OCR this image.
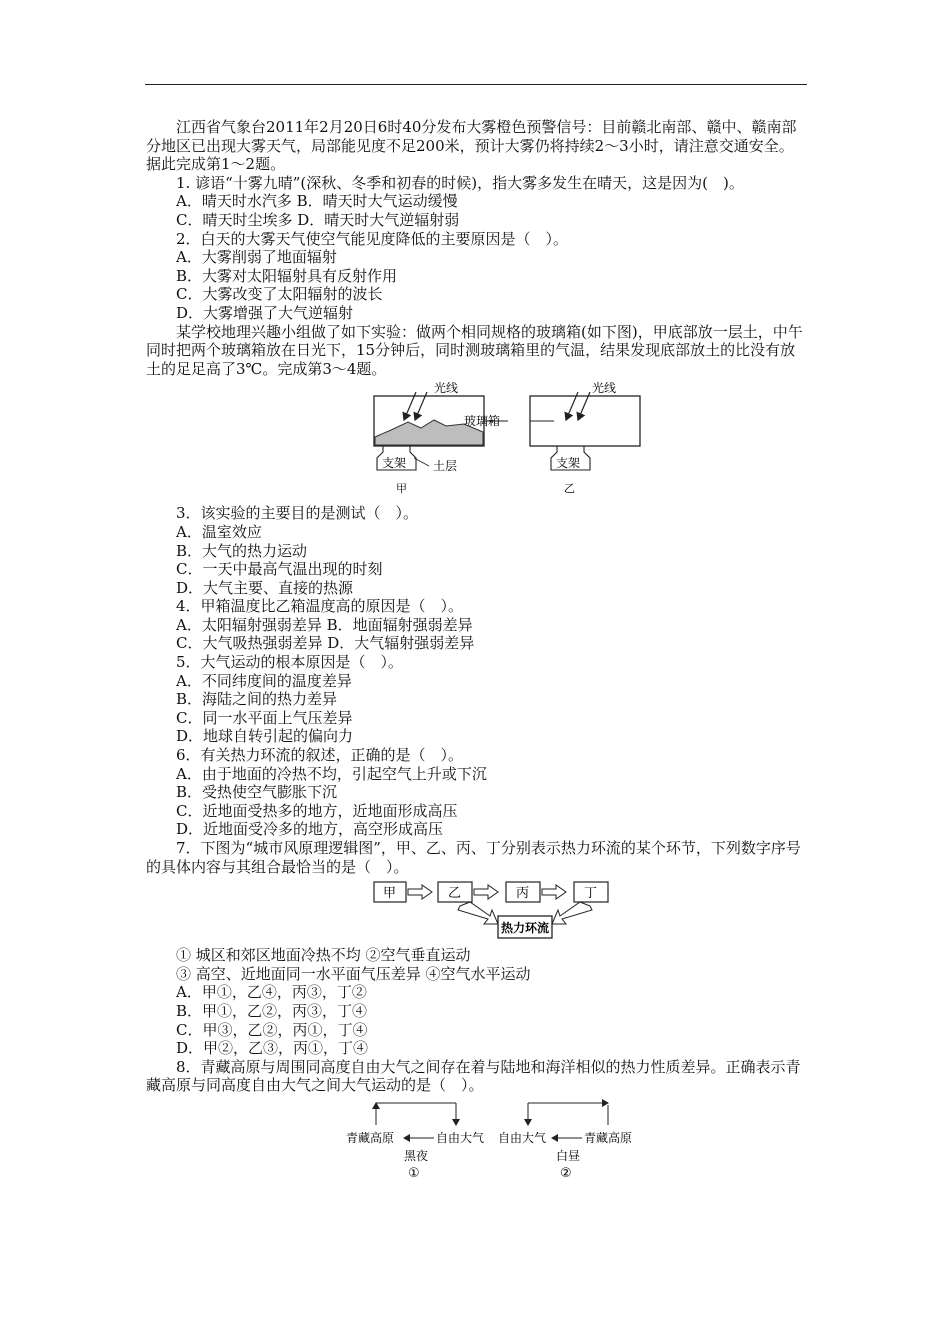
江西省气象台2011年2月20日6时40分发布大雾橙色预警信号：目前赣北南部、赣中、赣南部分地区已出现大雾天气，局部能见度不足200米，预计大雾仍将持续2～3小时，请注意交通安全。据此完成第1～2题。

1. 谚语“十雾九晴”(深秋、冬季和初春的时候)，指大雾多发生在晴天，这是因为(　)。

A．晴天时水汽多 B．晴天时大气运动缓慢

C．晴天时尘埃多 D．晴天时大气逆辐射弱

2．白天的大雾天气使空气能见度降低的主要原因是（　）。

A．大雾削弱了地面辐射

B．大雾对太阳辐射具有反射作用

C．大雾改变了太阳辐射的波长

D．大雾增强了大气逆辐射

某学校地理兴趣小组做了如下实验：做两个相同规格的玻璃箱(如下图)，甲底部放一层土，中午同时把两个玻璃箱放在日光下，15分钟后，同时测玻璃箱里的气温，结果发现底部放土的比没有放土的足足高了3℃。完成第3～4题。

光线
支架 土层
甲
玻璃箱
光线
支架
乙

3．该实验的主要目的是测试（　）。

A．温室效应

B．大气的热力运动

C．一天中最高气温出现的时刻

D．大气主要、直接的热源

4．甲箱温度比乙箱温度高的原因是（　）。

A．太阳辐射强弱差异 B．地面辐射强弱差异

C．大气吸热强弱差异 D．大气辐射强弱差异

5．大气运动的根本原因是（　）。

A．不同纬度间的温度差异

B．海陆之间的热力差异

C．同一水平面上气压差异

D．地球自转引起的偏向力

6．有关热力环流的叙述，正确的是（　）。

A．由于地面的冷热不均，引起空气上升或下沉

B．受热使空气膨胀下沉

C．近地面受热多的地方，近地面形成高压

D．近地面受冷多的地方，高空形成高压

7．下图为“城市风原理逻辑图”，甲、乙、丙、丁分别表示热力环流的某个环节，下列数字序号的具体内容与其组合最恰当的是（　）。

甲	乙	丙	丁
热力环流

① 城区和郊区地面冷热不均 ②空气垂直运动

③ 高空、近地面同一水平面气压差异 ④空气水平运动

A．甲①，乙④，丙③，丁②

B．甲①，乙②，丙③，丁④

C．甲③，乙②，丙①，丁④

D．甲②，乙③，丙①，丁④

8．青藏高原与周围同高度自由大气之间存在着与陆地和海洋相似的热力性质差异。正确表示青藏高原与同高度自由大气之间大气运动的是（　）。

青藏高原	自由大气
黑夜
①
自由大气	青藏高原
白昼
②
